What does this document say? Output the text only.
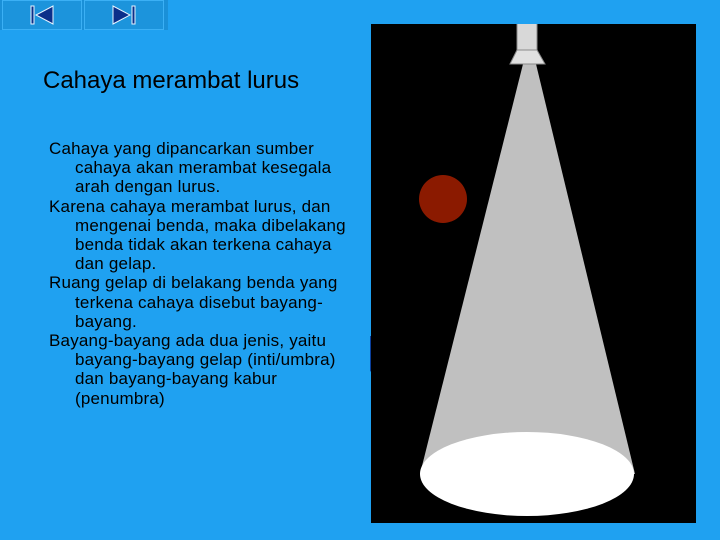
Cahaya merambat lurus

Cahaya yang dipancarkan sumber cahaya akan merambat kesegala arah dengan lurus.

Karena cahaya merambat lurus, dan mengenai benda, maka dibelakang benda tidak akan terkena cahaya dan gelap.

Ruang gelap di belakang benda yang terkena cahaya disebut bayang-bayang.

Bayang-bayang ada dua jenis, yaitu bayang-bayang gelap (inti/umbra) dan bayang-bayang kabur (penumbra)
